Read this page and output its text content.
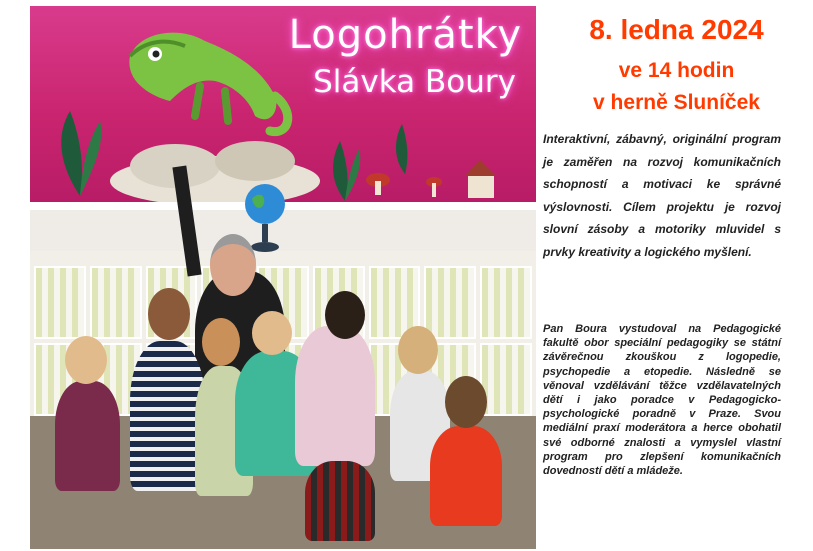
Logohrátky
Slávka Boury
8. ledna 2024
ve 14 hodin
v herně Sluníček
Interaktivní, zábavný, originální program je zaměřen na rozvoj komunikačních schopností a motivaci ke správné výslovnosti. Cílem projektu je rozvoj slovní zásoby a motoriky mluvidel s prvky kreativity a logického myšlení.
Pan Boura vystudoval na Pedagogické fakultě obor speciální pedagogiky se státní závěrečnou zkouškou z logopedie, psychopedie a etopedie. Následně se věnoval vzdělávání těžce vzdělavatelných dětí i jako poradce v Pedagogicko-psychologické poradně v Praze. Svou mediální praxí moderátora a herce obohatil své odborné znalosti a vymyslel vlastní program pro zlepšení komunikačních dovedností dětí a mládeže.
